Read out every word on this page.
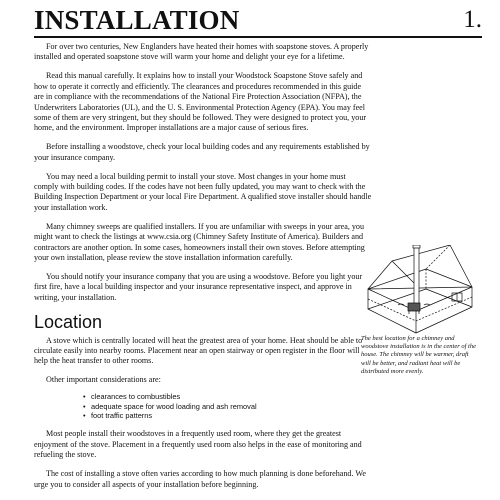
INSTALLATION	1.

For over two centuries, New Englanders have heated their homes with soapstone stoves. A properly installed and operated soapstone stove will warm your home and delight your eye for a lifetime.

Read this manual carefully. It explains how to install your Woodstock Soapstone Stove safely and how to operate it correctly and efficiently. The clearances and procedures recommended in this guide are in compliance with the recommendations of the National Fire Protection Association (NFPA), the Underwriters Laboratories (UL), and the U. S. Environmental Protection Agency (EPA). You may feel some of them are very stringent, but they should be followed. They were designed to protect you, your home, and the environment. Improper installations are a major cause of serious fires.

Before installing a woodstove, check your local building codes and any requirements established by your insurance company.

You may need a local building permit to install your stove. Most changes in your home must comply with building codes. If the codes have not been fully updated, you may want to check with the Building Inspection Department or your local Fire Department. A qualified stove installer should handle your installation work.

Many chimney sweeps are qualified installers. If you are unfamiliar with sweeps in your area, you might want to check the listings at www.csia.org (Chimney Safety Institute of America). Builders and contractors are another option. In some cases, homeowners install their own stoves. Before attempting your own installation, please review the stove installation information carefully.

You should notify your insurance company that you are using a woodstove. Before you light your first fire, have a local building inspector and your insurance representative inspect, and approve in writing, your installation.

Location

A stove which is centrally located will heat the greatest area of your home. Heat should be able to circulate easily into nearby rooms. Placement near an open stairway or open register in the floor will help the heat transfer to other rooms.

Other important considerations are:

• clearances to combustibles
• adequate space for wood loading and ash removal
• foot traffic patterns

Most people install their woodstoves in a frequently used room, where they get the greatest enjoyment of the stove. Placement in a frequently used room also helps in the ease of monitoring and refueling the stove.

The cost of installing a stove often varies according to how much planning is done beforehand. We urge you to consider all aspects of your installation before beginning.

The best location for a chimney and woodstove installation is in the center of the house. The chimney will be warmer, draft will be better, and radiant heat will be distributed more evenly.
